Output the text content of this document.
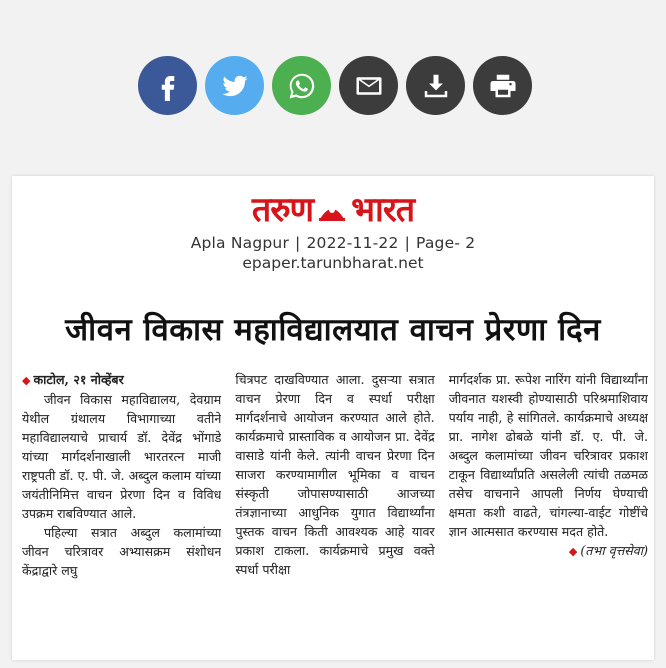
तरुण भारत
Apla Nagpur | 2022-11-22 | Page- 2
epaper.tarunbharat.net
जीवन विकास महाविद्यालयात वाचन प्रेरणा दिन

◆ काटोल, २१ नोव्हेंबर

जीवन विकास महाविद्यालय, देवग्राम येथील ग्रंथालय विभागाच्या वतीने महाविद्यालयाचे प्राचार्य डॉ. देवेंद्र भोंगाडे यांच्या मार्गदर्शनाखाली भारतरत्न माजी राष्ट्रपती डॉ. ए. पी. जे. अब्दुल कलाम यांच्या जयंतीनिमित्त वाचन प्रेरणा दिन व विविध उपक्रम राबविण्यात आले.

पहिल्या सत्रात अब्दुल कलामांच्या जीवन चरित्रावर अभ्यासक्रम संशोधन केंद्राद्वारे लघु

चित्रपट दाखविण्यात आला. दुसऱ्या सत्रात वाचन प्रेरणा दिन व स्पर्धा परीक्षा मार्गदर्शनाचे आयोजन करण्यात आले होते. कार्यक्रमाचे प्रास्ताविक व आयोजन प्रा. देवेंद्र वासाडे यांनी केले. त्यांनी वाचन प्रेरणा दिन साजरा करण्यामागील भूमिका व वाचन संस्कृती जोपासण्यासाठी आजच्या तंत्रज्ञानाच्या आधुनिक युगात विद्यार्थ्यांना पुस्तक वाचन किती आवश्यक आहे यावर प्रकाश टाकला. कार्यक्रमाचे प्रमुख वक्ते स्पर्धा परीक्षा

मार्गदर्शक प्रा. रूपेश नारिंग यांनी विद्यार्थ्यांना जीवनात यशस्वी होण्यासाठी परिश्रमाशिवाय पर्याय नाही, हे सांगितले. कार्यक्रमाचे अध्यक्ष प्रा. नागेश ढोबळे यांनी डॉ. ए. पी. जे. अब्दुल कलामांच्या जीवन चरित्रावर प्रकाश टाकून विद्यार्थ्यांप्रति असलेली त्यांची तळमळ तसेच वाचनाने आपली निर्णय घेण्याची क्षमता कशी वाढते, चांगल्या-वाईट गोष्टींचे ज्ञान आत्मसात करण्यास मदत होते.

◆ (तभा वृत्तसेवा)
